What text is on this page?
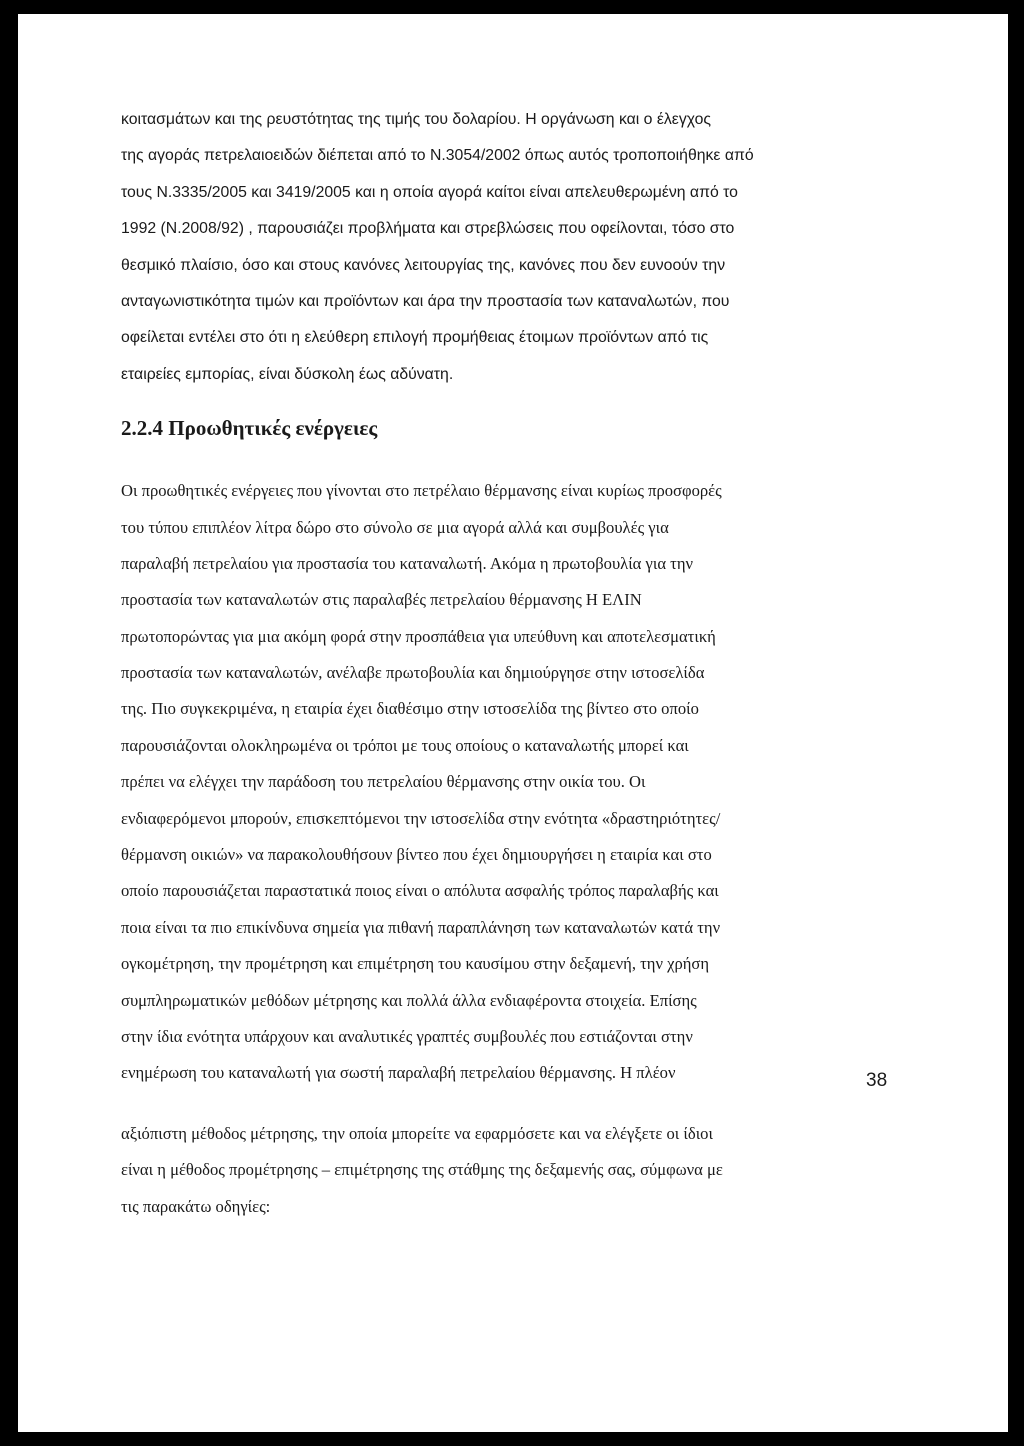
κοιτασμάτων και της ρευστότητας της τιμής του δολαρίου. Η οργάνωση και ο έλεγχος
της αγοράς πετρελαιοειδών διέπεται από το Ν.3054/2002 όπως αυτός τροποποιήθηκε από
τους Ν.3335/2005 και 3419/2005 και η οποία αγορά καίτοι είναι απελευθερωμένη από το
1992 (Ν.2008/92) , παρουσιάζει προβλήματα και στρεβλώσεις που οφείλονται, τόσο στο
θεσμικό πλαίσιο, όσο και στους κανόνες λειτουργίας της, κανόνες που δεν ευνοούν την
ανταγωνιστικότητα τιμών και προϊόντων και άρα την προστασία των καταναλωτών, που
οφείλεται εντέλει στο ότι η ελεύθερη επιλογή προμήθειας έτοιμων προϊόντων από τις
εταιρείες εμπορίας, είναι δύσκολη έως αδύνατη.
2.2.4 Προωθητικές ενέργειες
Οι προωθητικές ενέργειες που γίνονται στο πετρέλαιο θέρμανσης είναι κυρίως προσφορές
του τύπου επιπλέον λίτρα δώρο στο σύνολο σε μια αγορά αλλά και συμβουλές για
παραλαβή πετρελαίου για προστασία του καταναλωτή. Ακόμα η πρωτοβουλία για την
προστασία των καταναλωτών στις παραλαβές πετρελαίου θέρμανσης Η ΕΛΙΝ
πρωτοπορώντας για μια ακόμη φορά στην προσπάθεια για υπεύθυνη και αποτελεσματική
προστασία των καταναλωτών, ανέλαβε πρωτοβουλία και δημιούργησε στην ιστοσελίδα
της. Πιο συγκεκριμένα, η εταιρία έχει διαθέσιμο στην ιστοσελίδα της βίντεο στο οποίο
παρουσιάζονται ολοκληρωμένα οι τρόποι με τους οποίους ο καταναλωτής μπορεί και
πρέπει να ελέγχει την παράδοση του πετρελαίου θέρμανσης στην οικία του. Οι
ενδιαφερόμενοι μπορούν, επισκεπτόμενοι την ιστοσελίδα στην ενότητα «δραστηριότητες/
θέρμανση οικιών» να παρακολουθήσουν βίντεο που έχει δημιουργήσει η εταιρία και στο
οποίο παρουσιάζεται παραστατικά ποιος είναι ο απόλυτα ασφαλής τρόπος παραλαβής και
ποια είναι τα πιο επικίνδυνα σημεία για πιθανή παραπλάνηση των καταναλωτών κατά την
ογκομέτρηση, την προμέτρηση και επιμέτρηση του καυσίμου στην δεξαμενή, την χρήση
συμπληρωματικών μεθόδων μέτρησης και πολλά άλλα ενδιαφέροντα στοιχεία. Επίσης
στην ίδια ενότητα υπάρχουν και αναλυτικές γραπτές συμβουλές που εστιάζονται στην
ενημέρωση του καταναλωτή για σωστή παραλαβή πετρελαίου θέρμανσης. Η πλέον
αξιόπιστη μέθοδος μέτρησης, την οποία μπορείτε να εφαρμόσετε και να ελέγξετε οι ίδιοι
είναι η μέθοδος προμέτρησης – επιμέτρησης της στάθμης της δεξαμενής σας, σύμφωνα με
τις παρακάτω οδηγίες:
38
